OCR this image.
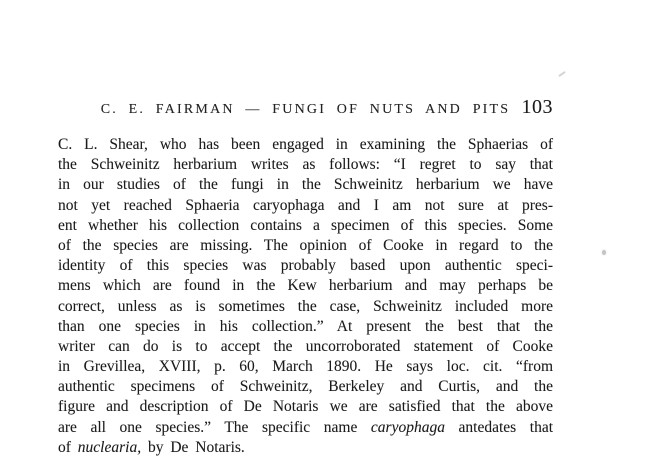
C. E. FAIRMAN — FUNGI OF NUTS AND PITS 103
C. L. Shear, who has been engaged in examining the Sphaerias of
the Schweinitz herbarium writes as follows: “I regret to say that
in our studies of the fungi in the Schweinitz herbarium we have
not yet reached Sphaeria caryophaga and I am not sure at pres-
ent whether his collection contains a specimen of this species. Some
of the species are missing. The opinion of Cooke in regard to the
identity of this species was probably based upon authentic speci-
mens which are found in the Kew herbarium and may perhaps be
correct, unless as is sometimes the case, Schweinitz included more
than one species in his collection.” At present the best that the
writer can do is to accept the uncorroborated statement of Cooke
in Grevillea, XVIII, p. 60, March 1890. He says loc. cit. “from
authentic specimens of Schweinitz, Berkeley and Curtis, and the
figure and description of De Notaris we are satisfied that the above
are all one species.” The specific name caryophaga antedates that
of nuclearia, by De Notaris.
